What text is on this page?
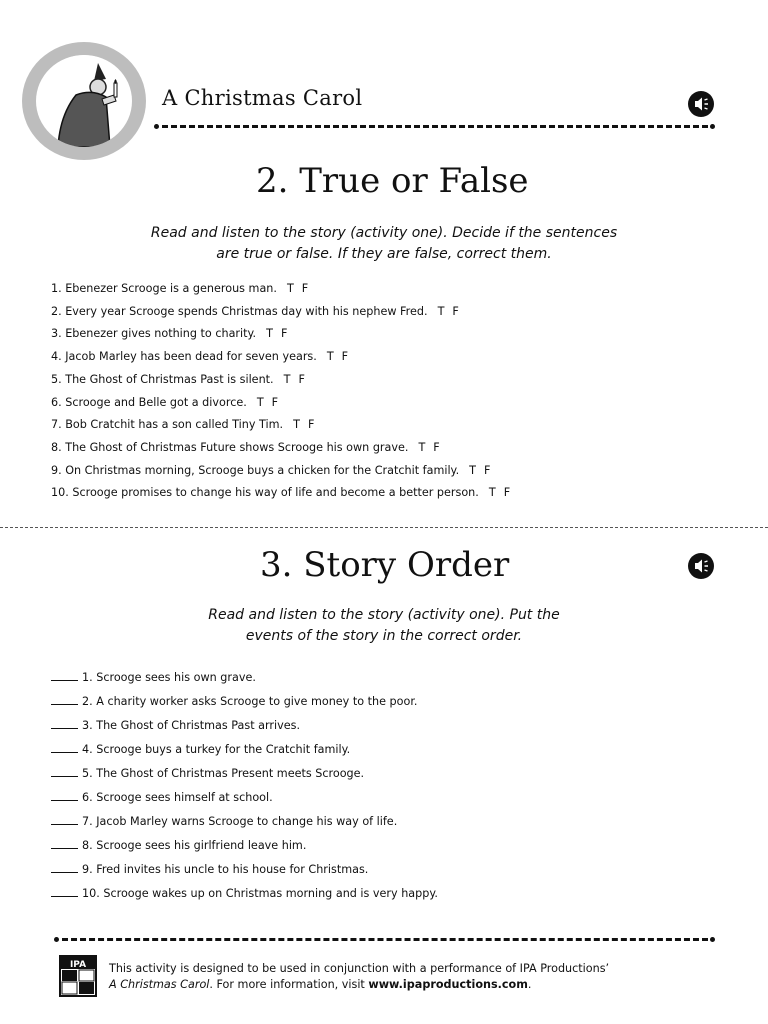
A Christmas Carol
2. True or False
Read and listen to the story (activity one). Decide if the sentences
are true or false. If they are false, correct them.
1. Ebenezer Scrooge is a generous man. T F
2. Every year Scrooge spends Christmas day with his nephew Fred. T F
3. Ebenezer gives nothing to charity. T F
4. Jacob Marley has been dead for seven years. T F
5. The Ghost of Christmas Past is silent. T F
6. Scrooge and Belle got a divorce. T F
7. Bob Cratchit has a son called Tiny Tim. T F
8. The Ghost of Christmas Future shows Scrooge his own grave. T F
9. On Christmas morning, Scrooge buys a chicken for the Cratchit family. T F
10. Scrooge promises to change his way of life and become a better person. T F
3. Story Order
Read and listen to the story (activity one). Put the
events of the story in the correct order.
1. Scrooge sees his own grave.
2. A charity worker asks Scrooge to give money to the poor.
3. The Ghost of Christmas Past arrives.
4. Scrooge buys a turkey for the Cratchit family.
5. The Ghost of Christmas Present meets Scrooge.
6. Scrooge sees himself at school.
7. Jacob Marley warns Scrooge to change his way of life.
8. Scrooge sees his girlfriend leave him.
9. Fred invites his uncle to his house for Christmas.
10. Scrooge wakes up on Christmas morning and is very happy.
IPA This activity is designed to be used in conjunction with a performance of IPA Productions’
A Christmas Carol. For more information, visit www.ipaproductions.com.
